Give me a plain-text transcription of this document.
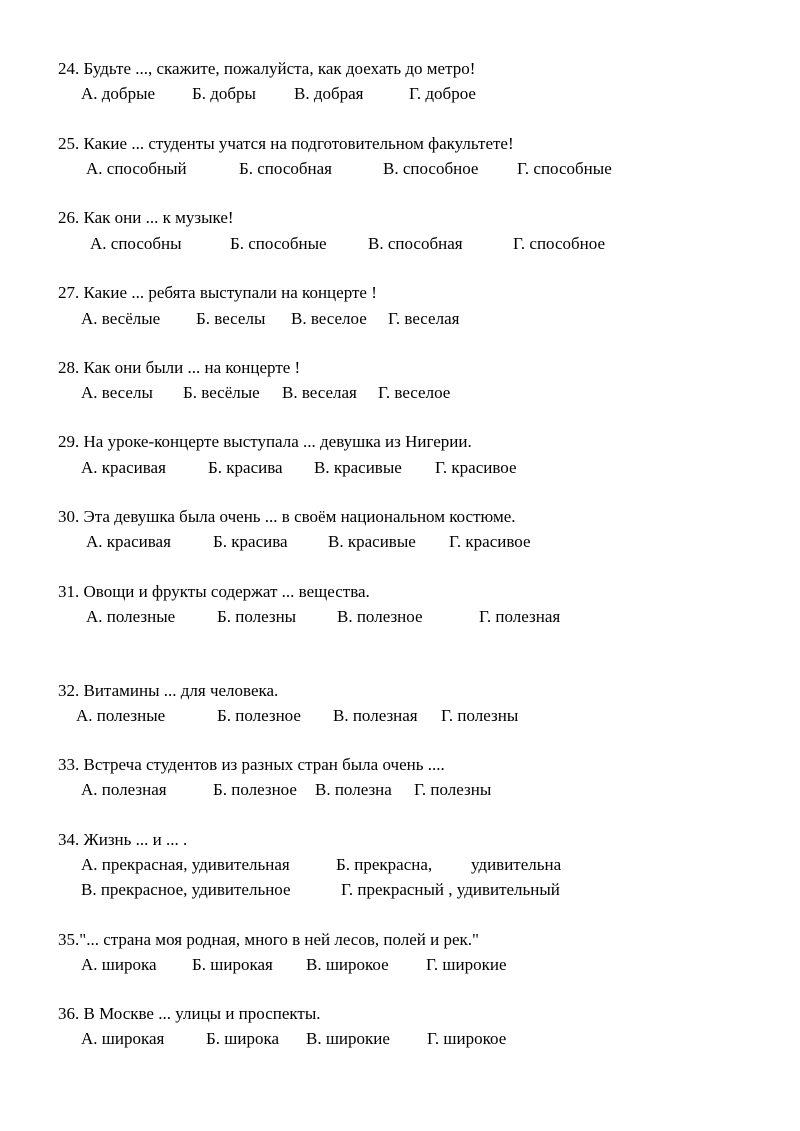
24. Будьте ..., скажите, пожалуйста, как доехать до метро!
А. добрые Б. добры В. добрая	Г. доброе
25. Какие ... студенты учатся на подготовительном факультете!
А. способный	Б. способная	В. способное Г. способные
26. Как они ... к музыке!
А. способны	Б. способные В. способная	Г. способное
27. Какие ... ребята выступали на концерте !
А. весёлые Б. веселы В. веселое Г. веселая
28. Как они были ... на концерте !
А. веселы Б. весёлые В. веселая Г. веселое
29. На уроке-концерте выступала ... девушка из Нигерии.
А. красивая Б. красива В. красивые Г. красивое
30. Эта девушка была очень ... в своём национальном костюме.
А. красивая Б. красива В. красивые Г. красивое
31. Овощи и фрукты содержат ... вещества.
А. полезные Б. полезны В. полезное	Г. полезная
32. Витамины ... для человека.
А. полезные	Б. полезное В. полезная Г. полезны
33. Встреча студентов из разных стран была очень ....
А. полезная	Б. полезное В. полезна Г. полезны
34. Жизнь ... и ... .
А. прекрасная, удивительная	Б. прекрасна, удивительна
В. прекрасное, удивительное	Г. прекрасный , удивительный
35."... страна моя родная, много в ней лесов, полей и рек."
А. широка Б. широкая В. широкое Г. широкие
36. В Москве ... улицы и проспекты.
А. широкая Б. широка В. широкие Г. широкое
